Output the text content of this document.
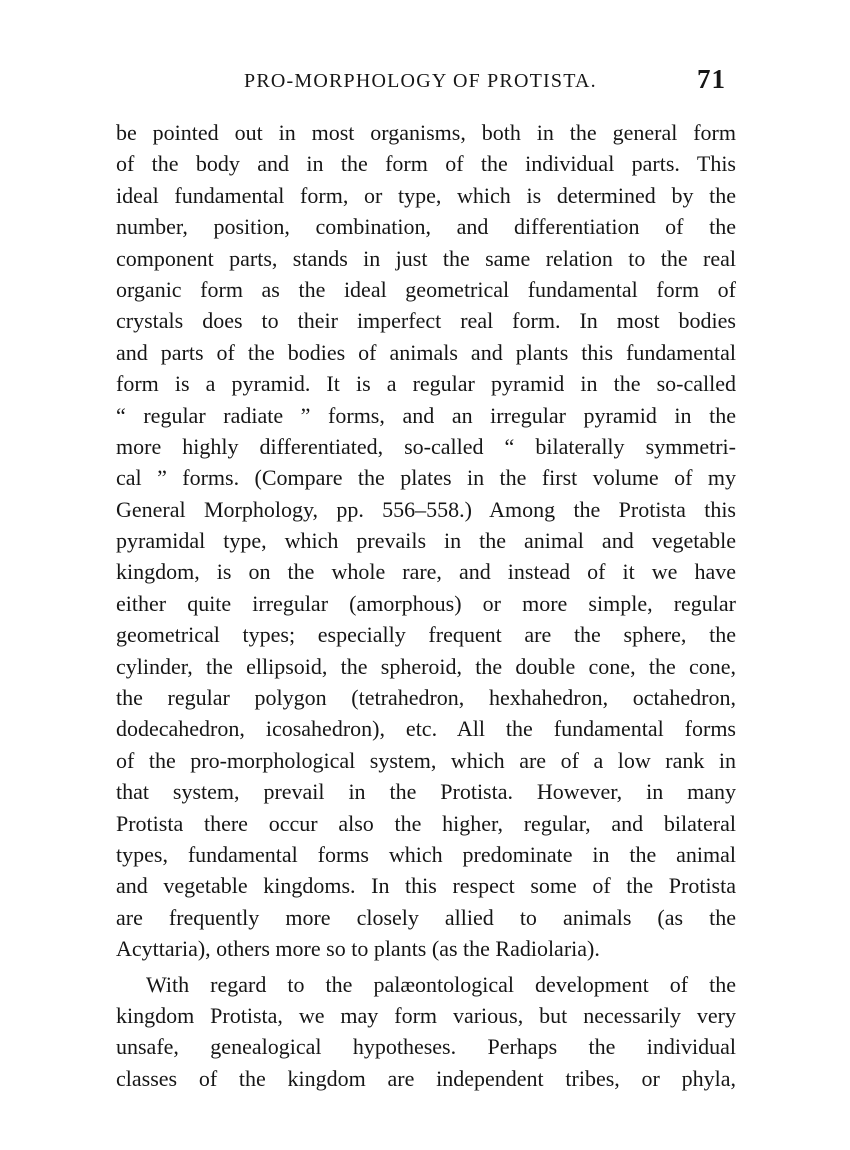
PRO-MORPHOLOGY OF PROTISTA.	71
be pointed out in most organisms, both in the general form
of the body and in the form of the individual parts. This
ideal fundamental form, or type, which is determined by the
number, position, combination, and differentiation of the
component parts, stands in just the same relation to the real
organic form as the ideal geometrical fundamental form of
crystals does to their imperfect real form. In most bodies
and parts of the bodies of animals and plants this fundamental
form is a pyramid. It is a regular pyramid in the so-called
“ regular radiate ” forms, and an irregular pyramid in the
more highly differentiated, so-called “ bilaterally symmetri-
cal ” forms. (Compare the plates in the first volume of my
General Morphology, pp. 556–558.) Among the Protista this
pyramidal type, which prevails in the animal and vegetable
kingdom, is on the whole rare, and instead of it we have
either quite irregular (amorphous) or more simple, regular
geometrical types; especially frequent are the sphere, the
cylinder, the ellipsoid, the spheroid, the double cone, the cone,
the regular polygon (tetrahedron, hexhahedron, octahedron,
dodecahedron, icosahedron), etc. All the fundamental forms
of the pro-morphological system, which are of a low rank in
that system, prevail in the Protista. However, in many
Protista there occur also the higher, regular, and bilateral
types, fundamental forms which predominate in the animal
and vegetable kingdoms. In this respect some of the Protista
are frequently more closely allied to animals (as the
Acyttaria), others more so to plants (as the Radiolaria).
With regard to the palæontological development of the
kingdom Protista, we may form various, but necessarily very
unsafe, genealogical hypotheses. Perhaps the individual
classes of the kingdom are independent tribes, or phyla,
